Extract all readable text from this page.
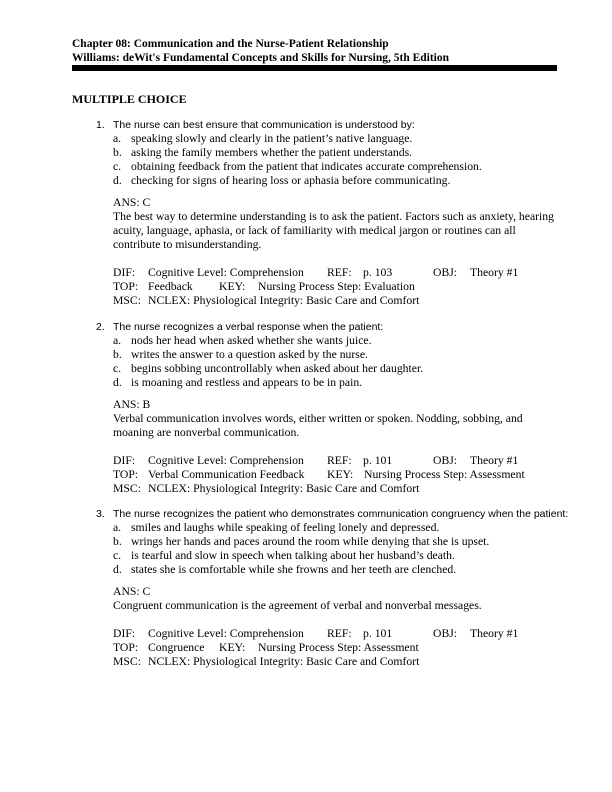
Chapter 08: Communication and the Nurse-Patient Relationship
Williams: deWit's Fundamental Concepts and Skills for Nursing, 5th Edition
MULTIPLE CHOICE
1. The nurse can best ensure that communication is understood by:
a. speaking slowly and clearly in the patient’s native language.
b. asking the family members whether the patient understands.
c. obtaining feedback from the patient that indicates accurate comprehension.
d. checking for signs of hearing loss or aphasia before communicating.
ANS: C
The best way to determine understanding is to ask the patient. Factors such as anxiety, hearing acuity, language, aphasia, or lack of familiarity with medical jargon or routines can all contribute to misunderstanding.
DIF: Cognitive Level: Comprehension REF: p. 103	OBJ: Theory #1
TOP: Feedback KEY: Nursing Process Step: Evaluation
MSC: NCLEX: Physiological Integrity: Basic Care and Comfort
2. The nurse recognizes a verbal response when the patient:
a. nods her head when asked whether she wants juice.
b. writes the answer to a question asked by the nurse.
c. begins sobbing uncontrollably when asked about her daughter.
d. is moaning and restless and appears to be in pain.
ANS: B
Verbal communication involves words, either written or spoken. Nodding, sobbing, and moaning are nonverbal communication.
DIF: Cognitive Level: Comprehension REF: p. 101	OBJ: Theory #1
TOP: Verbal Communication Feedback KEY: Nursing Process Step: Assessment
MSC: NCLEX: Physiological Integrity: Basic Care and Comfort
3. The nurse recognizes the patient who demonstrates communication congruency when the patient:
a. smiles and laughs while speaking of feeling lonely and depressed.
b. wrings her hands and paces around the room while denying that she is upset.
c. is tearful and slow in speech when talking about her husband’s death.
d. states she is comfortable while she frowns and her teeth are clenched.
ANS: C
Congruent communication is the agreement of verbal and nonverbal messages.
DIF: Cognitive Level: Comprehension REF: p. 101	OBJ: Theory #1
TOP: Congruence KEY: Nursing Process Step: Assessment
MSC: NCLEX: Physiological Integrity: Basic Care and Comfort
